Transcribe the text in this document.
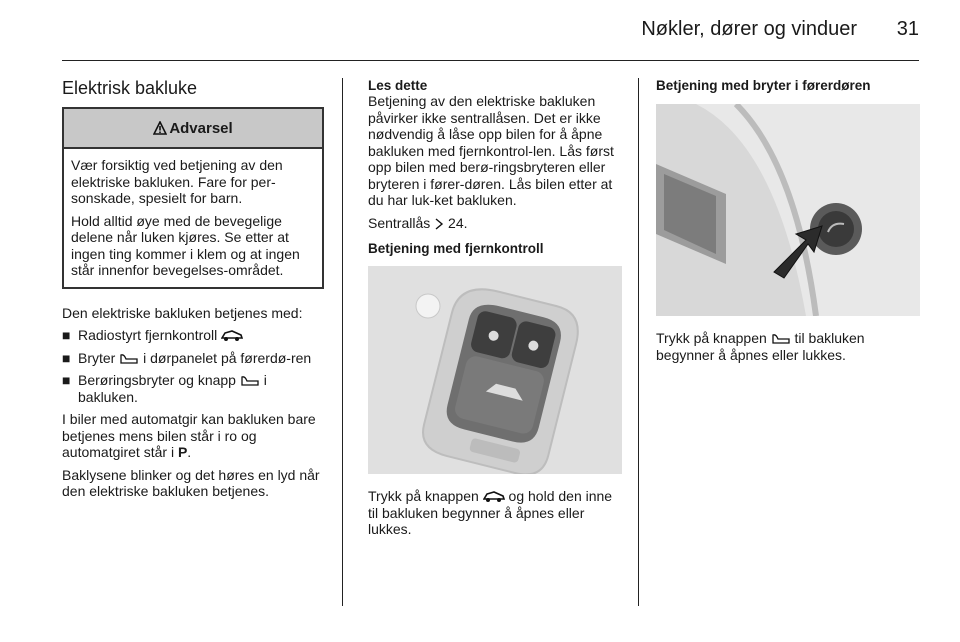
Nøkler, dører og vinduer 31
Elektrisk bakluke
Advarsel

Vær forsiktig ved betjening av den elektriske bakluken. Fare for per-sonskade, spesielt for barn.

Hold alltid øye med de bevegelige delene når luken kjøres. Se etter at ingen ting kommer i klem og at ingen står innenfor bevegelses-området.

Den elektriske bakluken betjenes med:

■ Radiostyrt fjernkontroll
■ Bryter i dørpanelet på førerdø-ren
■ Berøringsbryter og knapp i bakluken.

I biler med automatgir kan bakluken bare betjenes mens bilen står i ro og automatgiret står i P.

Baklysene blinker og det høres en lyd når den elektriske bakluken betjenes.

Les dette

Betjening av den elektriske bakluken påvirker ikke sentrallåsen. Det er ikke nødvendig å låse opp bilen for å åpne bakluken med fjernkontrol-len. Lås først opp bilen med berø-ringsbryteren eller bryteren i fører-døren. Lås bilen etter at du har luk-ket bakluken.

Sentrallås 24.

Betjening med fjernkontroll

Trykk på knappen og hold den inne til bakluken begynner å åpnes eller lukkes.

Betjening med bryter i førerdøren

Trykk på knappen til bakluken begynner å åpnes eller lukkes.
